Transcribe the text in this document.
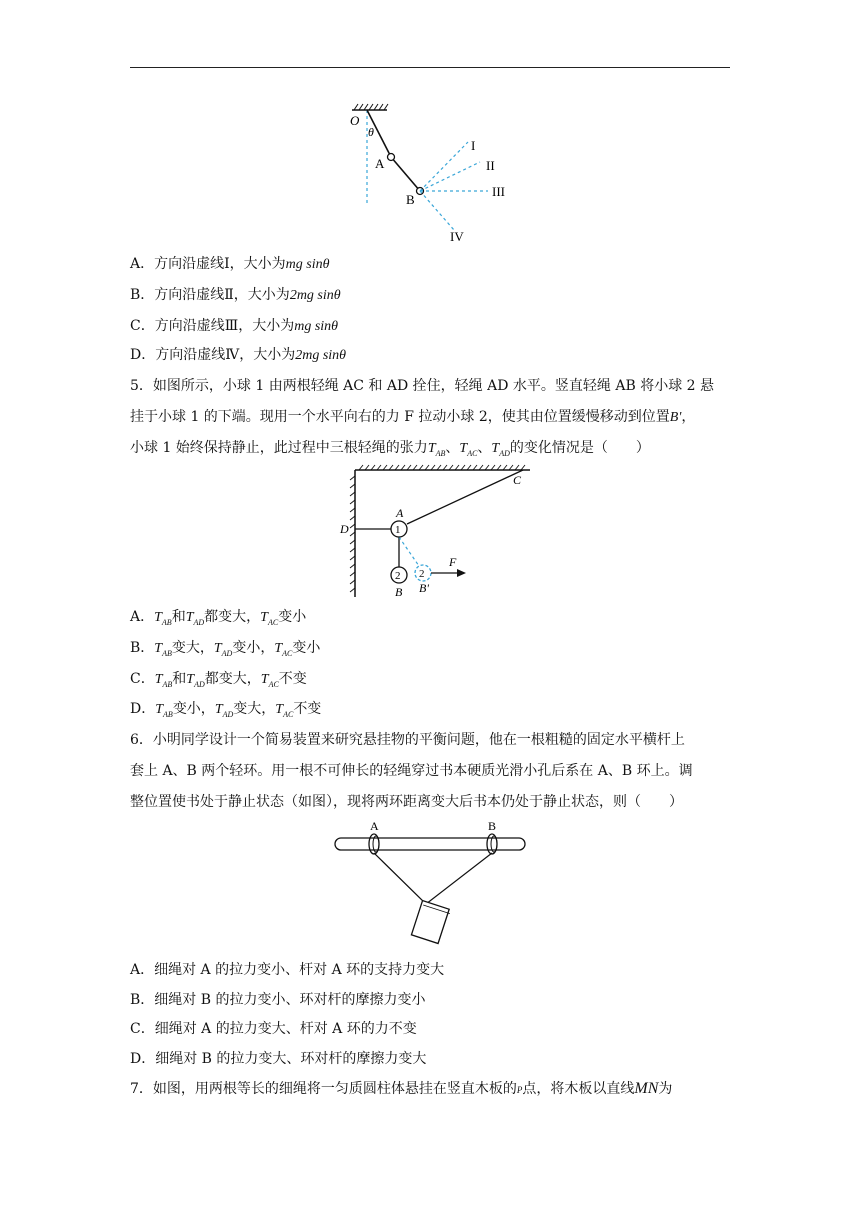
O
θ
A
B
I
II
III
IV
A．方向沿虚线Ⅰ，大小为mg sinθ
B．方向沿虚线Ⅱ，大小为2mg sinθ
C．方向沿虚线Ⅲ，大小为mg sinθ
D．方向沿虚线Ⅳ，大小为2mg sinθ
5．如图所示，小球 1 由两根轻绳 AC 和 AD 拴住，轻绳 AD 水平。竖直轻绳 AB 将小球 2 悬
挂于小球 1 的下端。现用一个水平向右的力 F 拉动小球 2，使其由位置缓慢移动到位置B'，
小球 1 始终保持静止，此过程中三根轻绳的张力$T_{AB}$、$T_{AC}$、$T_{AD}$的变化情况是（　　）
C
A
D	1
2 2
B B'
F
A．$T_{AB}$和$T_{AD}$都变大，$T_{AC}$变小
B．$T_{AB}$变大，$T_{AD}$变小，$T_{AC}$变小
C．$T_{AB}$和$T_{AD}$都变大，$T_{AC}$不变
D．$T_{AB}$变小，$T_{AD}$变大，$T_{AC}$不变
6．小明同学设计一个简易装置来研究悬挂物的平衡问题，他在一根粗糙的固定水平横杆上
套上 A、B 两个轻环。用一根不可伸长的轻绳穿过书本硬质光滑小孔后系在 A、B 环上。调
整位置使书处于静止状态（如图），现将两环距离变大后书本仍处于静止状态，则（　　）
A	B
A．细绳对 A 的拉力变小、杆对 A 环的支持力变大
B．细绳对 B 的拉力变小、环对杆的摩擦力变小
C．细绳对 A 的拉力变大、杆对 A 环的力不变
D．细绳对 B 的拉力变大、环对杆的摩擦力变大
7．如图，用两根等长的细绳将一匀质圆柱体悬挂在竖直木板的P点，将木板以直线MN为
